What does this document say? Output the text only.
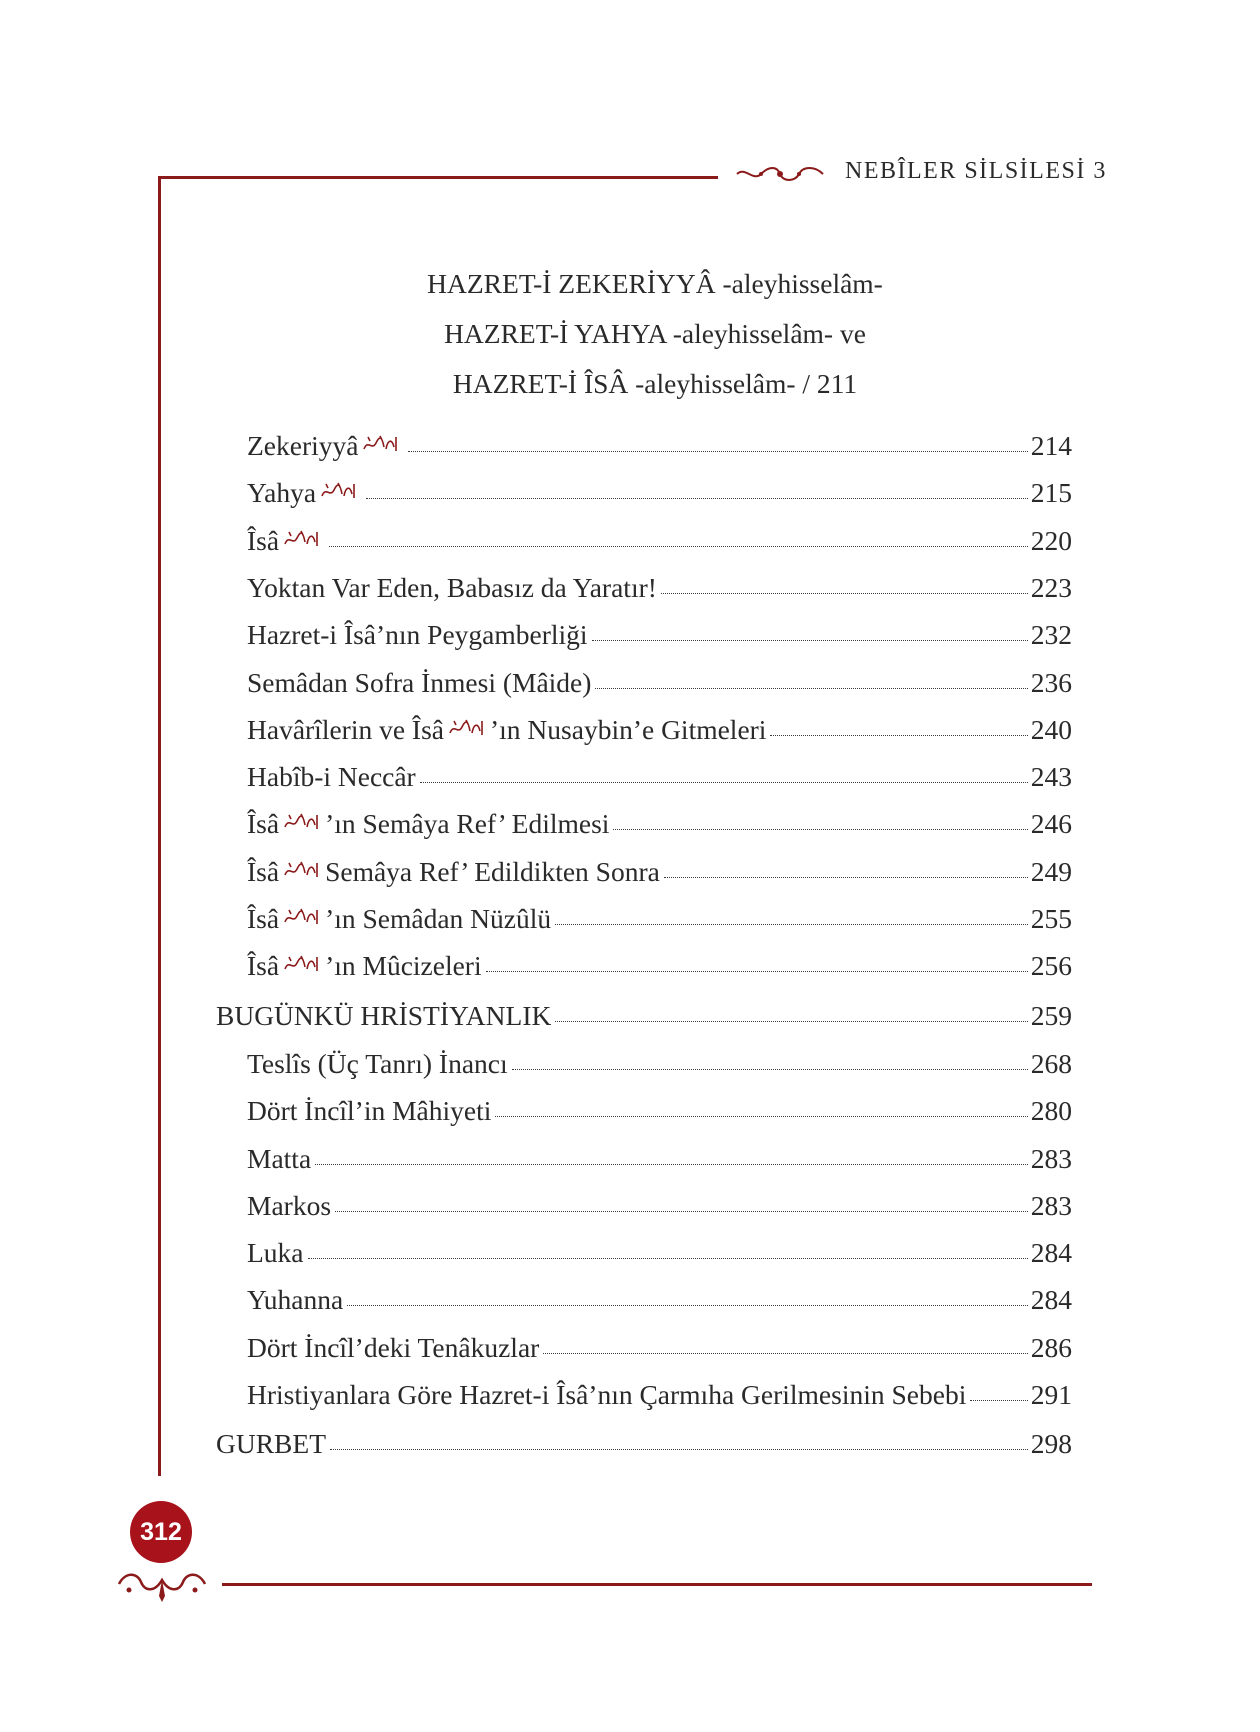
NEBÎLER SİLSİLESİ 3
HAZRET-İ ZEKERİYYÂ -aleyhisselâm-
HAZRET-İ YAHYA -aleyhisselâm- ve
HAZRET-İ ÎSÂ -aleyhisselâm- / 211
Zekeriyyâ	214
Yahya	215
Îsâ	220
Yoktan Var Eden, Babasız da Yaratır!	223
Hazret-i Îsâ’nın Peygamberliği	232
Semâdan Sofra İnmesi (Mâide)	236
Havârîlerin ve Îsâ ’ın Nusaybin’e Gitmeleri	240
Habîb-i Neccâr	243
Îsâ ’ın Semâya Ref’ Edilmesi	246
Îsâ Semâya Ref’ Edildikten Sonra	249
Îsâ ’ın Semâdan Nüzûlü	255
Îsâ ’ın Mûcizeleri	256
BUGÜNKÜ HRİSTİYANLIK	259
Teslîs (Üç Tanrı) İnancı	268
Dört İncîl’in Mâhiyeti	280
Matta	283
Markos	283
Luka	284
Yuhanna	284
Dört İncîl’deki Tenâkuzlar	286
Hristiyanlara Göre Hazret-i Îsâ’nın Çarmıha Gerilmesinin Sebebi 291
GURBET	298
312
